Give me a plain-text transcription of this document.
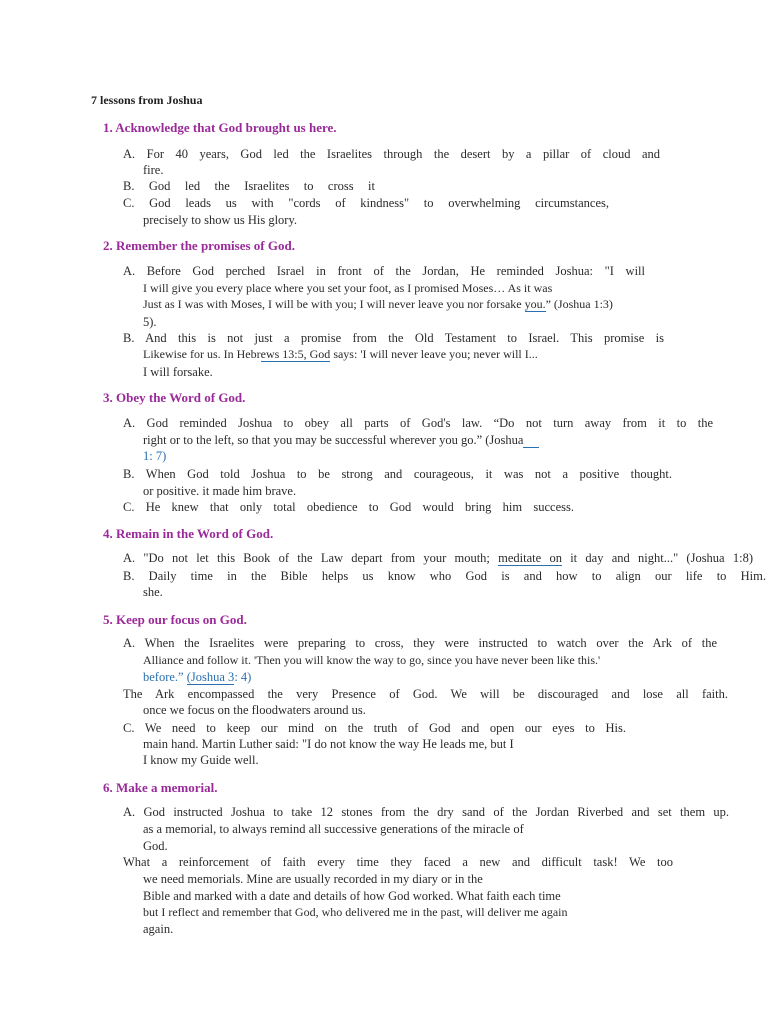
7 lessons from Joshua
1. Acknowledge that God brought us here.
A. For 40 years, God led the Israelites through the desert by a pillar of cloud and
fire.
B. God led the Israelites to cross it
C. God leads us with "cords of kindness" to overwhelming circumstances,
precisely to show us His glory.
2. Remember the promises of God.
A. Before God perched Israel in front of the Jordan, He reminded Joshua: "I will
I will give you every place where you set your foot, as I promised Moses… As it was
Just as I was with Moses, I will be with you; I will never leave you nor forsake you.” (Joshua 1:3)
5).
B. And this is not just a promise from the Old Testament to Israel. This promise is
Likewise for us. In Hebrews 13:5, God says: 'I will never leave you; never will I...
I will forsake.
3. Obey the Word of God.
A. God reminded Joshua to obey all parts of God's law. “Do not turn away from it to the
right or to the left, so that you may be successful wherever you go.” (Joshua
1: 7)
B. When God told Joshua to be strong and courageous, it was not a positive thought.
or positive. it made him brave.
C. He knew that only total obedience to God would bring him success.
4. Remain in the Word of God.
A. "Do not let this Book of the Law depart from your mouth; meditate on it day and night..." (Joshua 1:8)
B. Daily time in the Bible helps us know who God is and how to align our life to Him.
she.
5. Keep our focus on God.
A. When the Israelites were preparing to cross, they were instructed to watch over the Ark of the
Alliance and follow it. 'Then you will know the way to go, since you have never been like this.'
before.” (Joshua 3: 4)
The Ark encompassed the very Presence of God. We will be discouraged and lose all faith.
once we focus on the floodwaters around us.
C. We need to keep our mind on the truth of God and open our eyes to His.
main hand. Martin Luther said: "I do not know the way He leads me, but I
I know my Guide well.
6. Make a memorial.
A. God instructed Joshua to take 12 stones from the dry sand of the Jordan Riverbed and set them up.
as a memorial, to always remind all successive generations of the miracle of
God.
What a reinforcement of faith every time they faced a new and difficult task! We too
we need memorials. Mine are usually recorded in my diary or in the
Bible and marked with a date and details of how God worked. What faith each time
but I reflect and remember that God, who delivered me in the past, will deliver me again
again.
